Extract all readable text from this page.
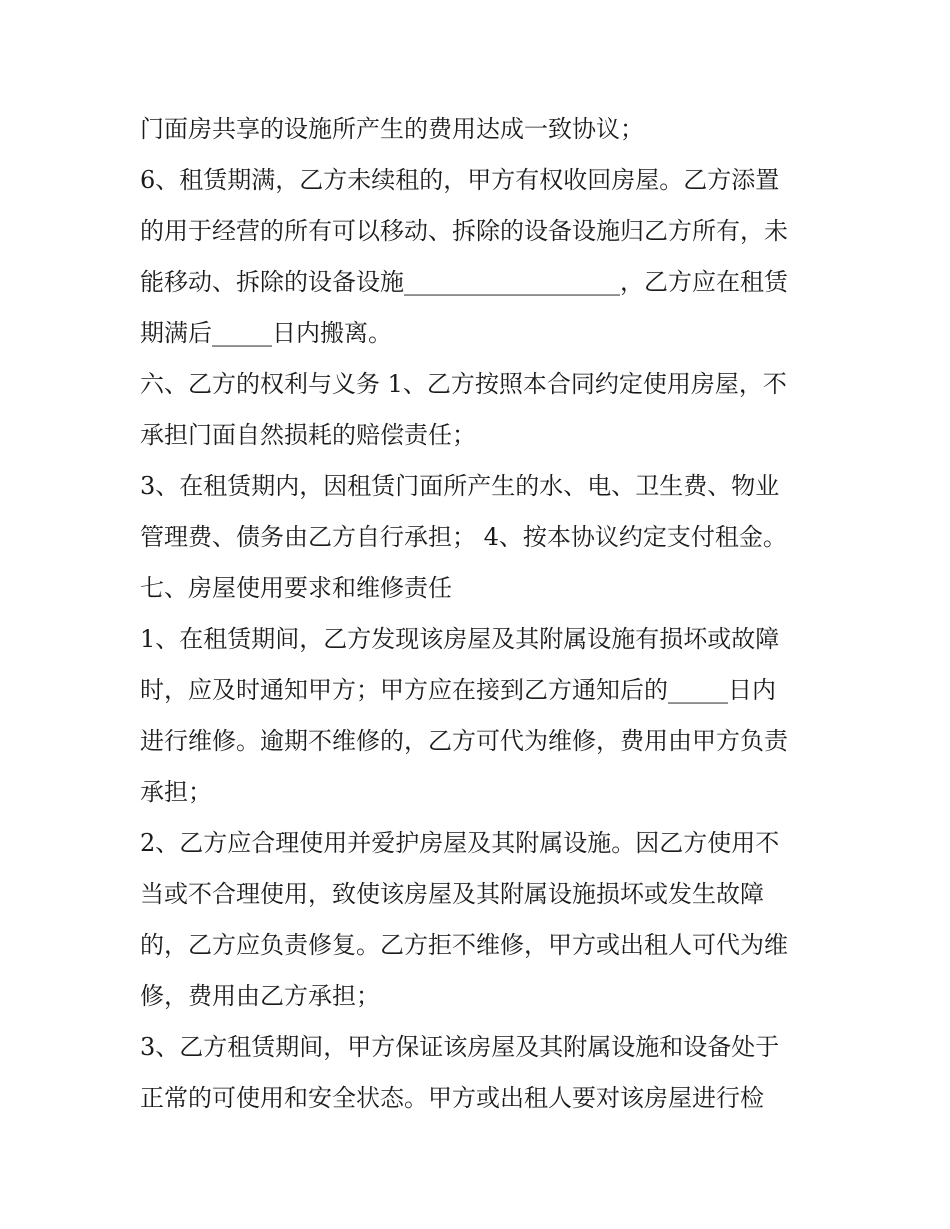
门面房共享的设施所产生的费用达成一致协议；
6、租赁期满，乙方未续租的，甲方有权收回房屋。乙方添置
的用于经营的所有可以移动、拆除的设备设施归乙方所有，未
能移动、拆除的设备设施__________________，乙方应在租赁
期满后_____日内搬离。
六、乙方的权利与义务 1、乙方按照本合同约定使用房屋，不
承担门面自然损耗的赔偿责任；
3、在租赁期内，因租赁门面所产生的水、电、卫生费、物业
管理费、债务由乙方自行承担； 4、按本协议约定支付租金。
七、房屋使用要求和维修责任
1、在租赁期间，乙方发现该房屋及其附属设施有损坏或故障
时，应及时通知甲方；甲方应在接到乙方通知后的_____日内
进行维修。逾期不维修的，乙方可代为维修，费用由甲方负责
承担；
2、乙方应合理使用并爱护房屋及其附属设施。因乙方使用不
当或不合理使用，致使该房屋及其附属设施损坏或发生故障
的，乙方应负责修复。乙方拒不维修，甲方或出租人可代为维
修，费用由乙方承担；
3、乙方租赁期间，甲方保证该房屋及其附属设施和设备处于
正常的可使用和安全状态。甲方或出租人要对该房屋进行检
